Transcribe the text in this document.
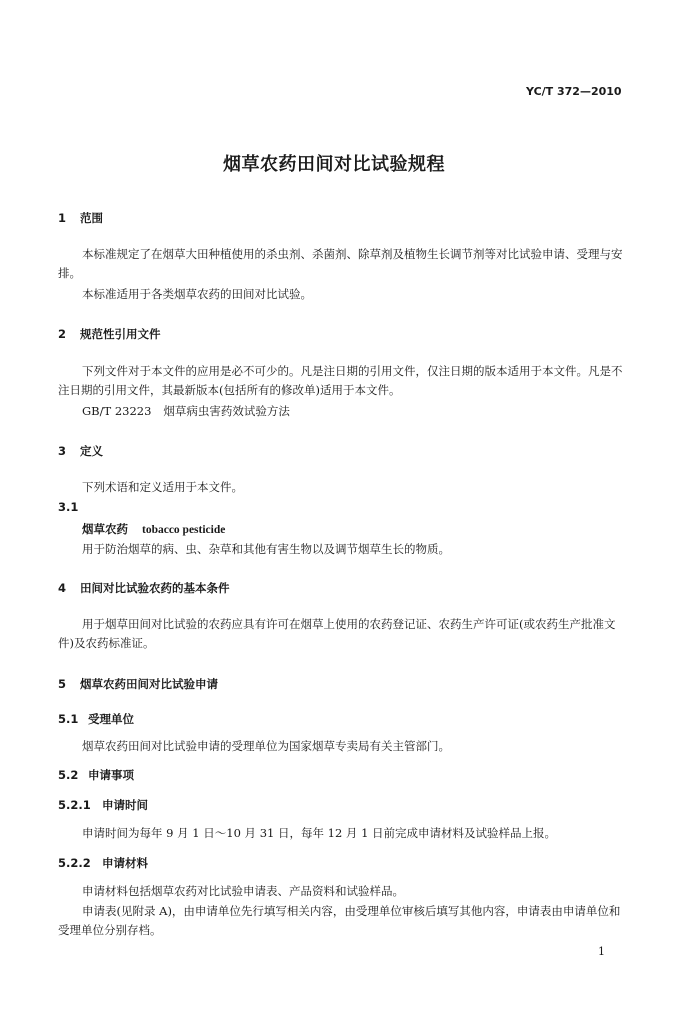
YC/T 372—2010
烟草农药田间对比试验规程
1 范围
本标准规定了在烟草大田种植使用的杀虫剂、杀菌剂、除草剂及植物生长调节剂等对比试验申请、受理与安排。
本标准适用于各类烟草农药的田间对比试验。
2 规范性引用文件
下列文件对于本文件的应用是必不可少的。凡是注日期的引用文件，仅注日期的版本适用于本文件。凡是不注日期的引用文件，其最新版本(包括所有的修改单)适用于本文件。
GB/T 23223 烟草病虫害药效试验方法
3 定义
下列术语和定义适用于本文件。
3.1
烟草农药 tobacco pesticide
用于防治烟草的病、虫、杂草和其他有害生物以及调节烟草生长的物质。
4 田间对比试验农药的基本条件
用于烟草田间对比试验的农药应具有许可在烟草上使用的农药登记证、农药生产许可证(或农药生产批准文件)及农药标准证。
5 烟草农药田间对比试验申请
5.1 受理单位
烟草农药田间对比试验申请的受理单位为国家烟草专卖局有关主管部门。
5.2 申请事项
5.2.1 申请时间
申请时间为每年 9 月 1 日～10 月 31 日，每年 12 月 1 日前完成申请材料及试验样品上报。
5.2.2 申请材料
申请材料包括烟草农药对比试验申请表、产品资料和试验样品。
申请表(见附录 A)，由申请单位先行填写相关内容，由受理单位审核后填写其他内容，申请表由申请单位和受理单位分别存档。
1
